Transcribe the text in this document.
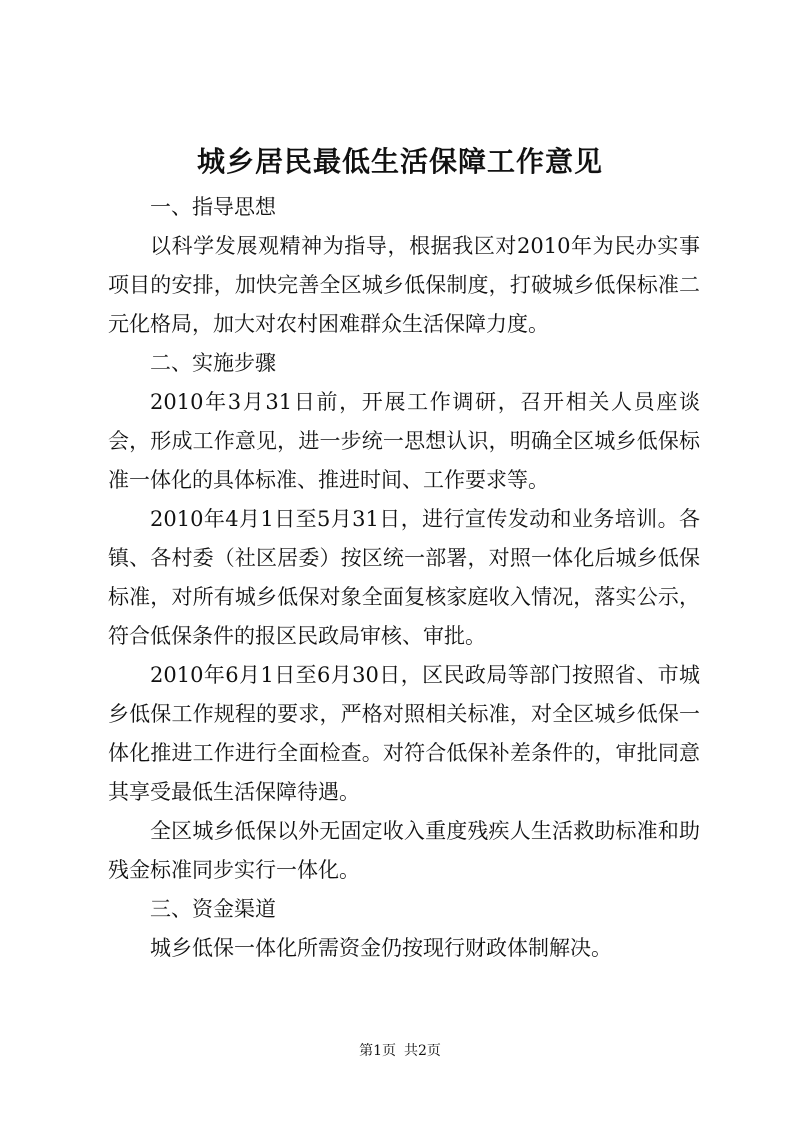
城乡居民最低生活保障工作意见

一、指导思想

以科学发展观精神为指导，根据我区对2010年为民办实事项目的安排，加快完善全区城乡低保制度，打破城乡低保标准二元化格局，加大对农村困难群众生活保障力度。

二、实施步骤

2010年3月31日前，开展工作调研，召开相关人员座谈会，形成工作意见，进一步统一思想认识，明确全区城乡低保标准一体化的具体标准、推进时间、工作要求等。

2010年4月1日至5月31日，进行宣传发动和业务培训。各镇、各村委（社区居委）按区统一部署，对照一体化后城乡低保标准，对所有城乡低保对象全面复核家庭收入情况，落实公示，符合低保条件的报区民政局审核、审批。

2010年6月1日至6月30日，区民政局等部门按照省、市城乡低保工作规程的要求，严格对照相关标准，对全区城乡低保一体化推进工作进行全面检查。对符合低保补差条件的，审批同意其享受最低生活保障待遇。

全区城乡低保以外无固定收入重度残疾人生活救助标准和助残金标准同步实行一体化。

三、资金渠道

城乡低保一体化所需资金仍按现行财政体制解决。

第1页 共2页
